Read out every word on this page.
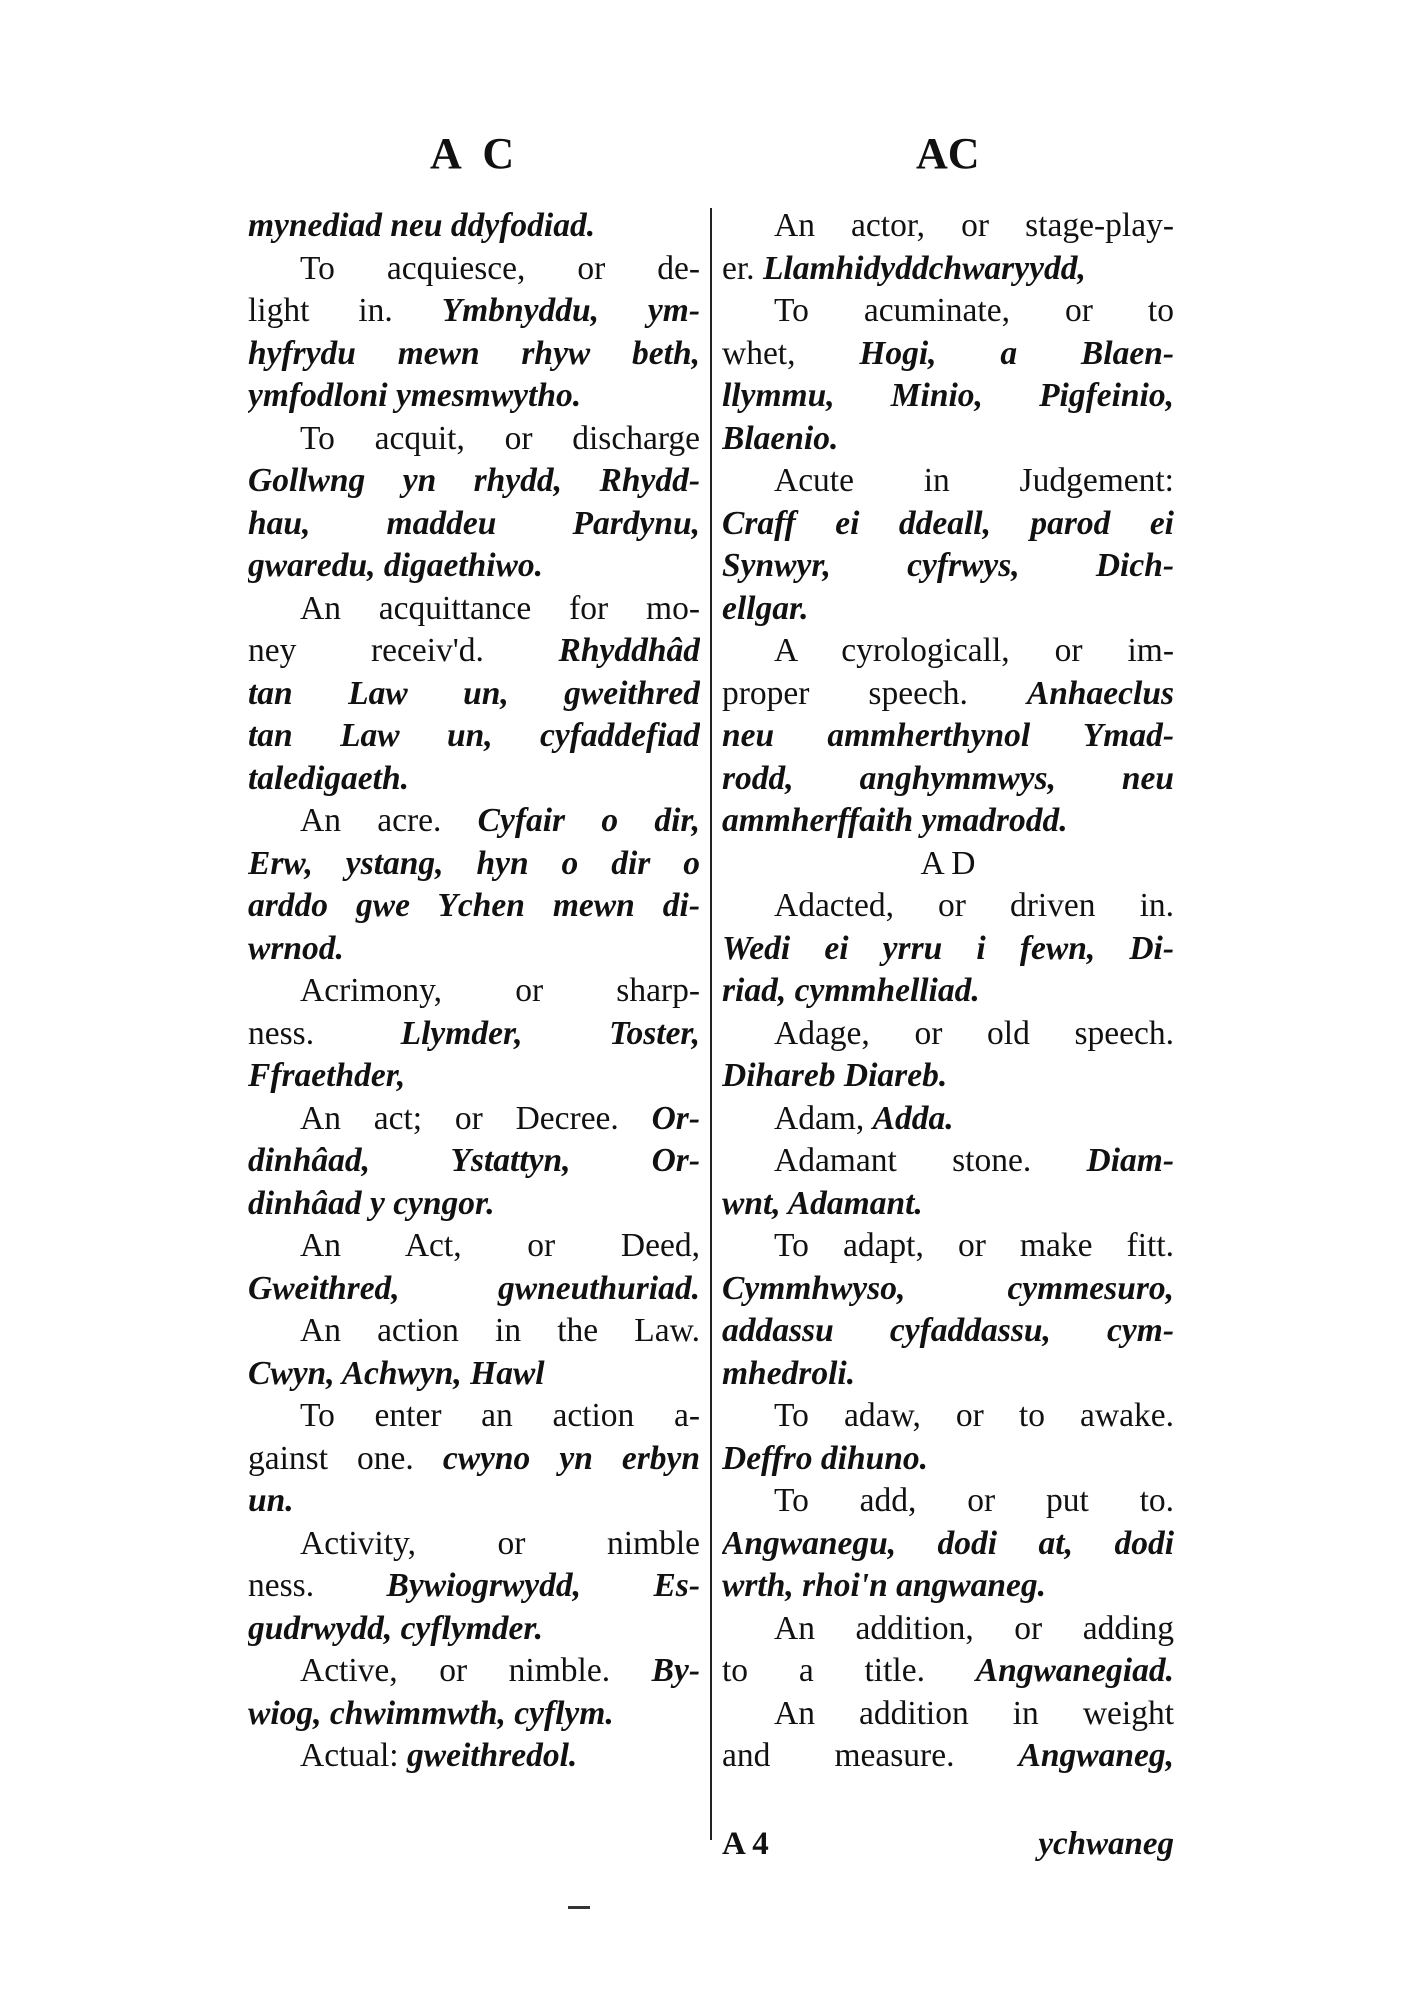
A C	AC
mynediad neu ddyfodiad.
To acquiesce, or de-
light in. Ymbnyddu, ym-
hyfrydu mewn rhyw beth,
ymfodloni ymesmwytho.
To acquit, or discharge
Gollwng yn rhydd, Rhydd-
hau, maddeu Pardynu,
gwaredu, digaethiwo.
An acquittance for mo-
ney receiv'd. Rhyddhâd
tan Law un, gweithred
tan Law un, cyfaddefiad
taledigaeth.
An acre. Cyfair o dir,
Erw, ystang, hyn o dir o
arddo gwe Ychen mewn di-
wrnod.
Acrimony, or sharp-
ness. Llymder, Toster,
Ffraethder,
An act; or Decree. Or-
dinhâad, Ystattyn, Or-
dinhâad y cyngor.
An Act, or Deed,
Gweithred, gwneuthuriad.
An action in the Law.
Cwyn, Achwyn, Hawl
To enter an action a-
gainst one. cwyno yn erbyn
un.
Activity, or nimble
ness. Bywiogrwydd, Es-
gudrwydd, cyflymder.
Active, or nimble. By-
wiog, chwimmwth, cyflym.
Actual: gweithredol.
An actor, or stage-play-
er. Llamhidyddchwaryydd,
To acuminate, or to
whet, Hogi, a Blaen-
llymmu, Minio, Pigfeinio,
Blaenio.
Acute in Judgement:
Craff ei ddeall, parod ei
Synwyr, cyfrwys, Dich-
ellgar.
A cyrologicall, or im-
proper speech. Anhaeclus
neu ammherthynol Ymad-
rodd, anghymmwys, neu
ammherffaith ymadrodd.
A D
Adacted, or driven in.
Wedi ei yrru i fewn, Di-
riad, cymmhelliad.
Adage, or old speech.
Dihareb Diareb.
Adam, Adda.
Adamant stone. Diam-
wnt, Adamant.
To adapt, or make fitt.
Cymmhwyso, cymmesuro,
addassu cyfaddassu, cym-
mhedroli.
To adaw, or to awake.
Deffro dihuno.
To add, or put to.
Angwanegu, dodi at, dodi
wrth, rhoi'n angwaneg.
An addition, or adding
to a title. Angwanegiad.
An addition in weight
and measure. Angwaneg,
A 4	ychwaneg
